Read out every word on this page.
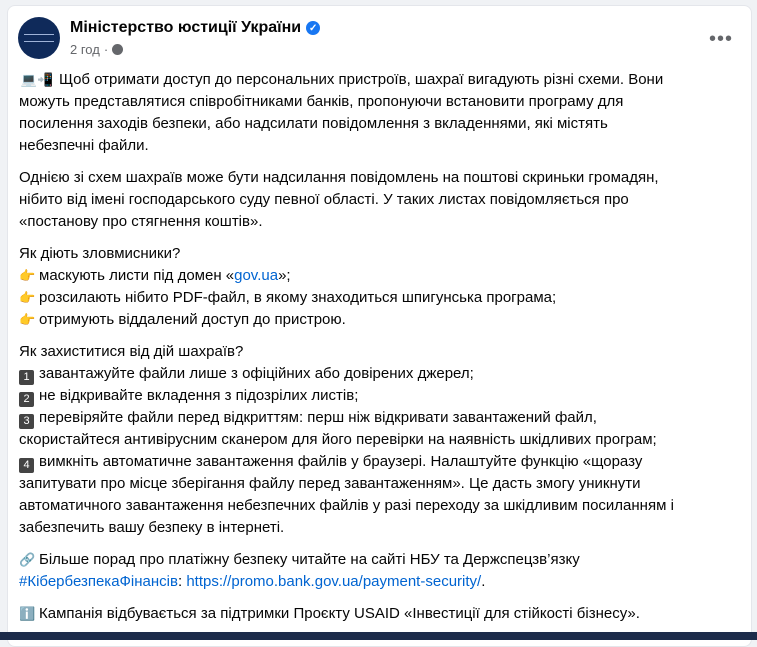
Міністерство юстиції України ✓
2 год ·	•••
💻📲 Щоб отримати доступ до персональних пристроїв, шахраї вигадують різні схеми. Вони
можуть представлятися співробітниками банків, пропонуючи встановити програму для
посилення заходів безпеки, або надсилати повідомлення з вкладеннями, які містять
небезпечні файли.
Однією зі схем шахраїв може бути надсилання повідомлень на поштові скриньки громадян,
нібито від імені господарського суду певної області. У таких листах повідомляється про
«постанову про стягнення коштів».
Як діють зловмисники?
👉 маскують листи під домен «gov.ua»;
👉 розсилають нібито PDF-файл, в якому знаходиться шпигунська програма;
👉 отримують віддалений доступ до пристрою.
Як захиститися від дій шахраїв?
1 завантажуйте файли лише з офіційних або довірених джерел;
2 не відкривайте вкладення з підозрілих листів;
3 перевіряйте файли перед відкриттям: перш ніж відкривати завантажений файл,
скористайтеся антивірусним сканером для його перевірки на наявність шкідливих програм;
4 вимкніть автоматичне завантаження файлів у браузері. Налаштуйте функцію «щоразу
запитувати про місце зберігання файлу перед завантаженням». Це дасть змогу уникнути
автоматичного завантаження небезпечних файлів у разі переходу за шкідливим посиланням і
забезпечить вашу безпеку в інтернеті.
🔗 Більше порад про платіжну безпеку читайте на сайті НБУ та Держспецзв’язку
#КібербезпекаФінансів: https://promo.bank.gov.ua/payment-security/.
ℹ️ Кампанія відбувається за підтримки Проєкту USAID «Інвестиції для стійкості бізнесу».
